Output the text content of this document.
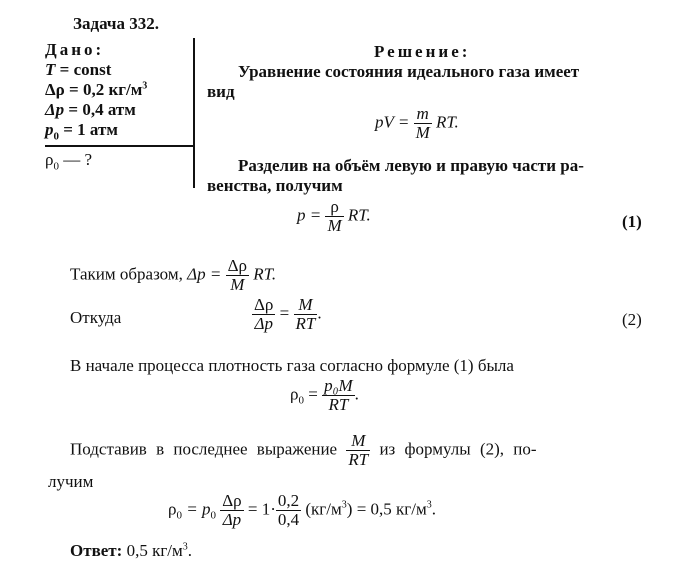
Задача 332.
Дано:
T = const
Δρ = 0,2 $кг/м^3$
Δp = 0,4 атм
$p_0 = 1$ атм
$\rho_0$ — ?
Решение:
Уравнение состояния идеального газа имеет
вид
pV = $\frac{m}{M}$ RT.
Разделив на объём левую и правую части ра-
венства, получим
$p = \frac{\rho}{M}$ RT.	(1)
Таким образом, $\Delta p = \frac{\Delta\rho}{M}$ RT.
Откуда	$\frac{\Delta\rho}{\Delta p} = \frac{M}{RT}$ .	(2)
В начале процесса плотность газа согласно формуле (1) была
$\rho_0 = \frac{\text{p₀M}}{RT}$ .
Подставив в последнее выражение $\frac{M}{RT}$ из формулы (2), по-
лучим
$\rho_0 = p_0 \frac{\Delta\rho}{\Delta p} = 1\cdot \frac{0,2}{0,4} (кг/м^3) = 0,5$ $кг/м^3$.
Ответ: 0,5 $кг/м^3$.
